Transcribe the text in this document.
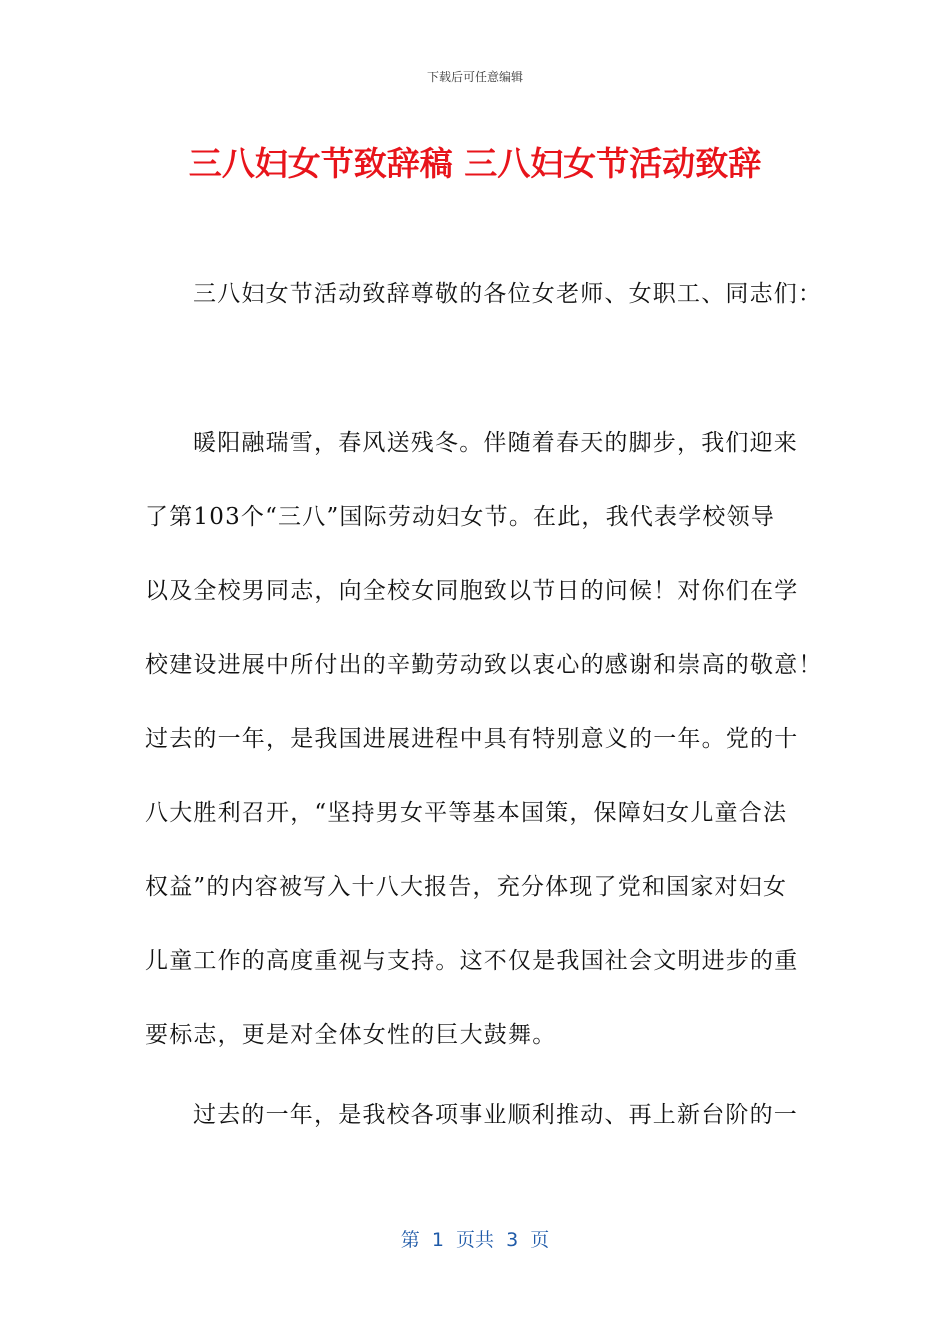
下载后可任意编辑
三八妇女节致辞稿 三八妇女节活动致辞
三八妇女节活动致辞尊敬的各位女老师、女职工、同志们：
暖阳融瑞雪，春风送残冬。伴随着春天的脚步，我们迎来
了第103个“三八”国际劳动妇女节。在此，我代表学校领导
以及全校男同志，向全校女同胞致以节日的问候！对你们在学
校建设进展中所付出的辛勤劳动致以衷心的感谢和崇高的敬意！
过去的一年，是我国进展进程中具有特别意义的一年。党的十
八大胜利召开，“坚持男女平等基本国策，保障妇女儿童合法
权益”的内容被写入十八大报告，充分体现了党和国家对妇女
儿童工作的高度重视与支持。这不仅是我国社会文明进步的重
要标志，更是对全体女性的巨大鼓舞。
过去的一年，是我校各项事业顺利推动、再上新台阶的一
第  1  页共  3  页
